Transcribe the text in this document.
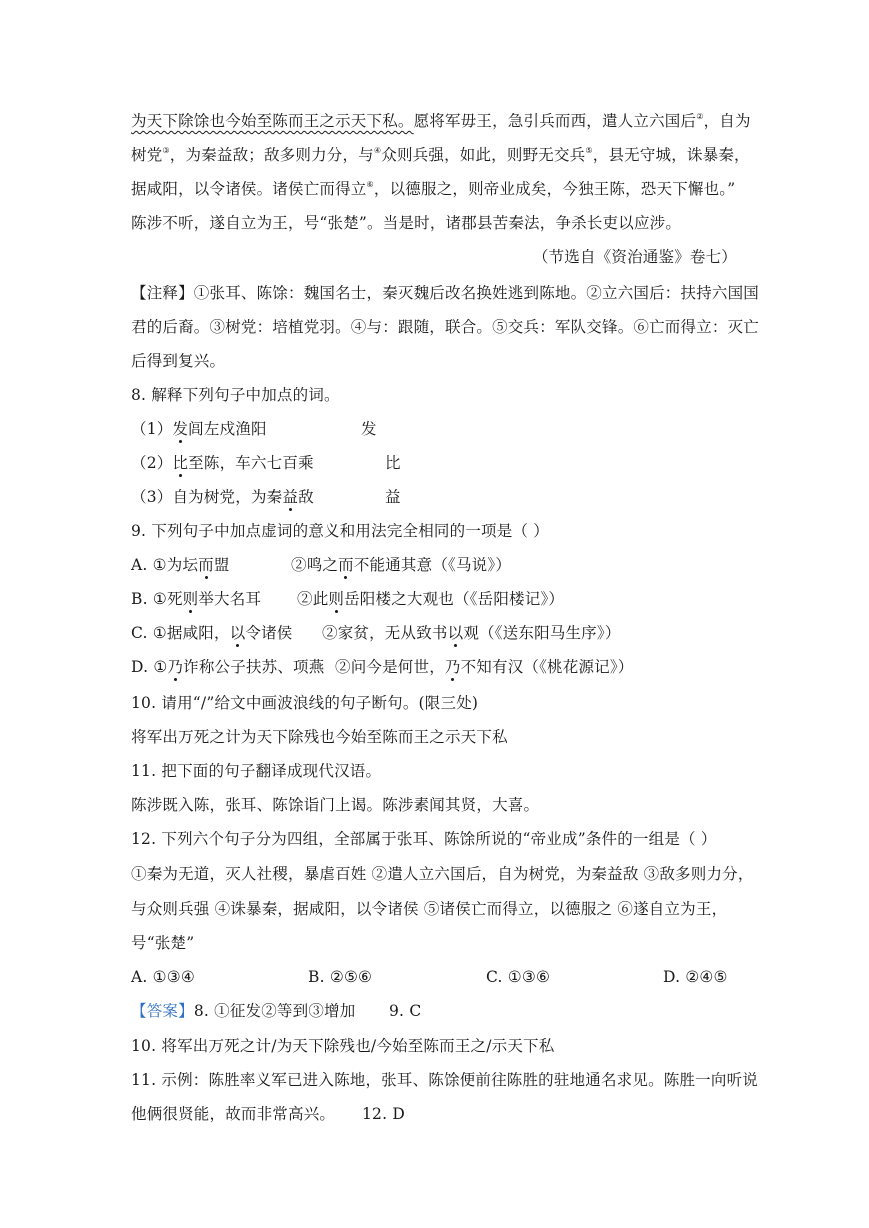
为天下除馀也今始至陈而王之示天下私。愿将军毋王，急引兵而西，遣人立六国后②，自为
树党③，为秦益敌；敌多则力分，与④众则兵强，如此，则野无交兵⑤，县无守城，诛暴秦，
据咸阳，以令诸侯。诸侯亡而得立⑥，以德服之，则帝业成矣，今独王陈，恐天下懈也。”
陈涉不听，遂自立为王，号“张楚”。当是时，诸郡县苦秦法，争杀长吏以应涉。
（节选自《资治通鉴》卷七）
【注释】①张耳、陈馀：魏国名士，秦灭魏后改名换姓逃到陈地。②立六国后：扶持六国国
君的后裔。③树党：培植党羽。④与：跟随，联合。⑤交兵：军队交锋。⑥亡而得立：灭亡
后得到复兴。
8. 解释下列句子中加点的词。
（1）发闾左戍渔阳	发
（2）比至陈，车六七百乘	比
（3）自为树党，为秦益敌	益
9. 下列句子中加点虚词的意义和用法完全相同的一项是（ ）
A. ①为坛而盟	②鸣之而不能通其意（《马说》）
B. ①死则举大名耳 ②此则岳阳楼之大观也（《岳阳楼记》）
C. ①据咸阳，以令诸侯 ②家贫，无从致书以观（《送东阳马生序》）
D. ①乃诈称公子扶苏、项燕 ②问今是何世，乃不知有汉（《桃花源记》）
10. 请用“/”给文中画波浪线的句子断句。(限三处)
将军出万死之计为天下除残也今始至陈而王之示天下私
11. 把下面的句子翻译成现代汉语。
陈涉既入陈，张耳、陈馀诣门上谒。陈涉素闻其贤，大喜。
12. 下列六个句子分为四组，全部属于张耳、陈馀所说的“帝业成”条件的一组是（ ）
①秦为无道，灭人社稷，暴虐百姓 ②遣人立六国后，自为树党，为秦益敌 ③敌多则力分，
与众则兵强 ④诛暴秦，据咸阳，以令诸侯 ⑤诸侯亡而得立，以德服之 ⑥遂自立为王，
号“张楚”
A. ①③④	B. ②⑤⑥	C. ①③⑥	D. ②④⑤
【答案】8. ①征发②等到③增加 9. C
10. 将军出万死之计/为天下除残也/今始至陈而王之/示天下私
11. 示例：陈胜率义军已进入陈地，张耳、陈馀便前往陈胜的驻地通名求见。陈胜一向听说
他俩很贤能，故而非常高兴。 12. D
